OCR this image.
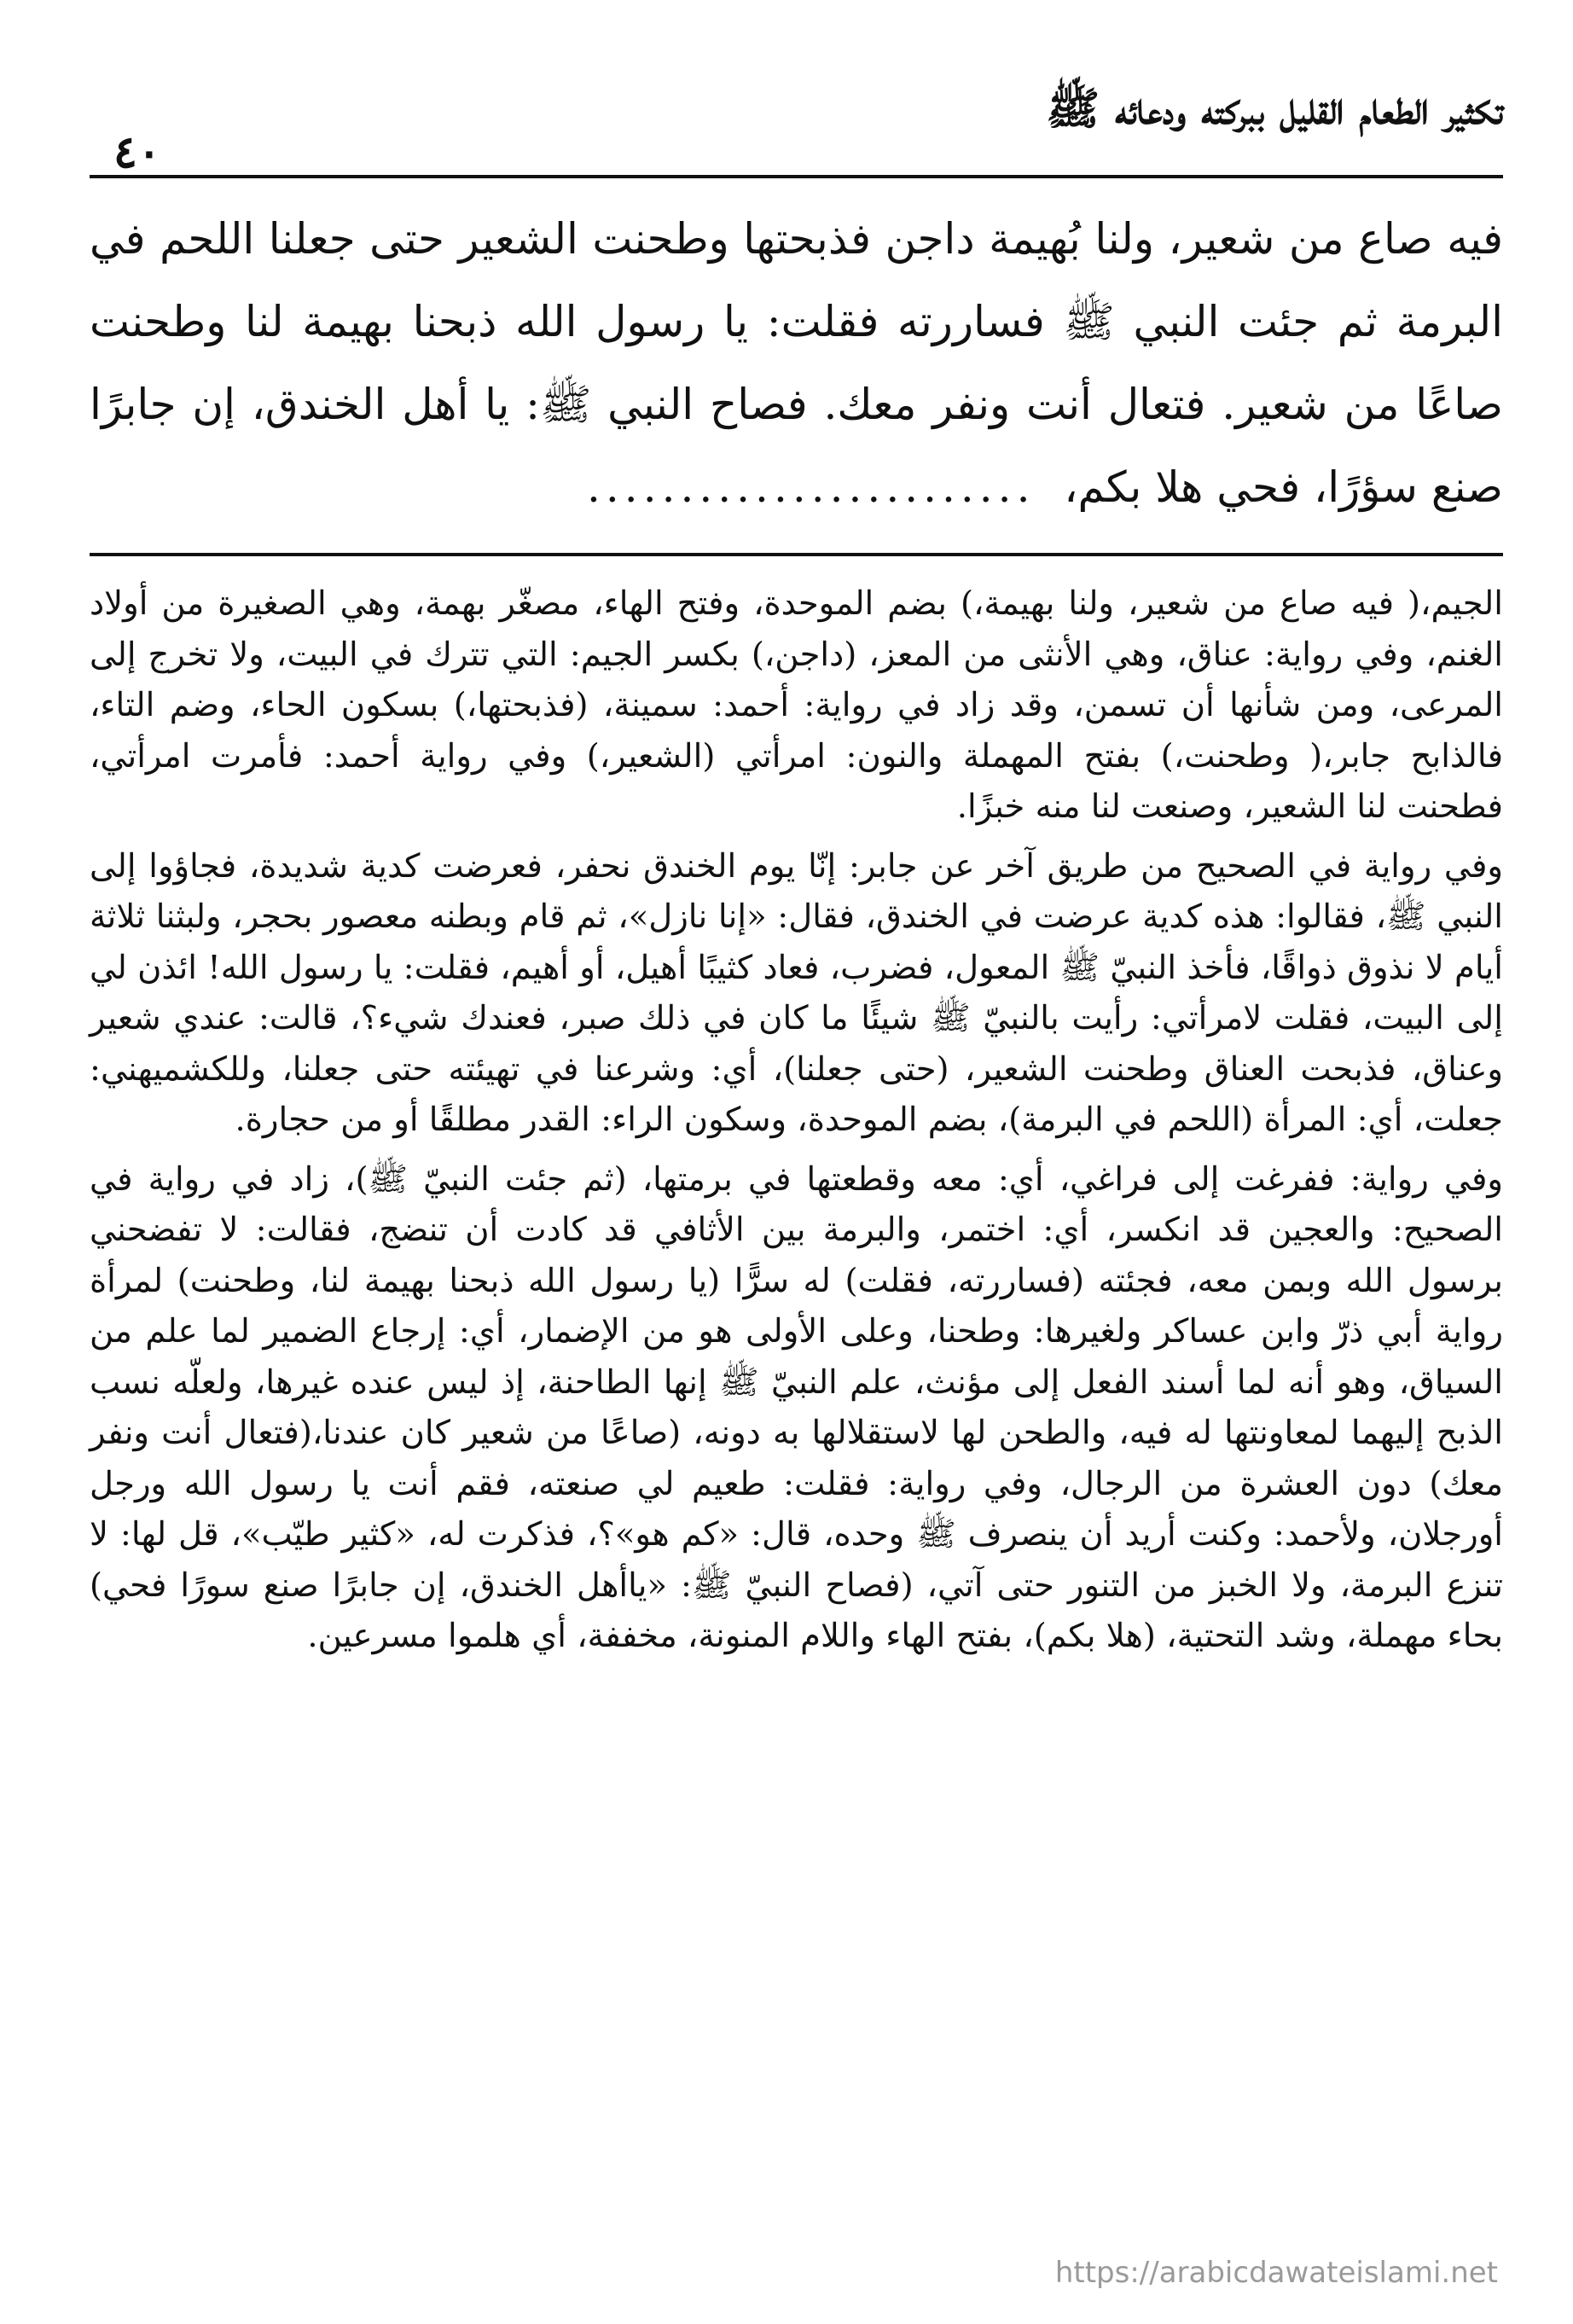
تكثير الطعام القليل ببركته ودعائه ﷺ
٤٠
فيه صاع من شعير، ولنا بُهيمة داجن فذبحتها وطحنت الشعير حتى جعلنا اللحم في البرمة ثم جئت النبي ﷺ فساررته فقلت: يا رسول الله ذبحنا بهيمة لنا وطحنت صاعًا من شعير. فتعال أنت ونفر معك. فصاح النبي ﷺ: يا أهل الخندق، إن جابرًا صنع سؤرًا، فحي هلا بكم، ........................

الجيم،( فيه صاع من شعير، ولنا بهيمة،) بضم الموحدة، وفتح الهاء، مصغّر بهمة، وهي الصغيرة من أولاد الغنم، وفي رواية: عناق، وهي الأنثى من المعز، (داجن،) بكسر الجيم: التي تترك في البيت، ولا تخرج إلى المرعى، ومن شأنها أن تسمن، وقد زاد في رواية: أحمد: سمينة، (فذبحتها،) بسكون الحاء، وضم التاء، فالذابح جابر،( وطحنت،) بفتح المهملة والنون: امرأتي (الشعير،) وفي رواية أحمد: فأمرت امرأتي، فطحنت لنا الشعير، وصنعت لنا منه خبزًا.

وفي رواية في الصحيح من طريق آخر عن جابر: إنّا يوم الخندق نحفر، فعرضت كدية شديدة، فجاؤوا إلى النبي ﷺ، فقالوا: هذه كدية عرضت في الخندق، فقال: «إنا نازل»، ثم قام وبطنه معصور بحجر، ولبثنا ثلاثة أيام لا نذوق ذواقًا، فأخذ النبيّ ﷺ المعول، فضرب، فعاد كثيبًا أهيل، أو أهيم، فقلت: يا رسول الله! ائذن لي إلى البيت، فقلت لامرأتي: رأيت بالنبيّ ﷺ شيئًا ما كان في ذلك صبر، فعندك شيء؟، قالت: عندي شعير وعناق، فذبحت العناق وطحنت الشعير، (حتى جعلنا)، أي: وشرعنا في تهيئته حتى جعلنا، وللكشميهني: جعلت، أي: المرأة (اللحم في البرمة)، بضم الموحدة، وسكون الراء: القدر مطلقًا أو من حجارة.

وفي رواية: ففرغت إلى فراغي، أي: معه وقطعتها في برمتها، (ثم جئت النبيّ ﷺ)، زاد في رواية في الصحيح: والعجين قد انكسر، أي: اختمر، والبرمة بين الأثافي قد كادت أن تنضج، فقالت: لا تفضحني برسول الله وبمن معه، فجئته (فساررته، فقلت) له سرًّا (يا رسول الله ذبحنا بهيمة لنا، وطحنت) لمرأة رواية أبي ذرّ وابن عساكر ولغيرها: وطحنا، وعلى الأولى هو من الإضمار، أي: إرجاع الضمير لما علم من السياق، وهو أنه لما أسند الفعل إلى مؤنث، علم النبيّ ﷺ إنها الطاحنة، إذ ليس عنده غيرها، ولعلّه نسب الذبح إليهما لمعاونتها له فيه، والطحن لها لاستقلالها به دونه، (صاعًا من شعير كان عندنا،(فتعال أنت ونفر معك) دون العشرة من الرجال، وفي رواية: فقلت: طعيم لي صنعته، فقم أنت يا رسول الله ورجل أورجلان، ولأحمد: وكنت أريد أن ينصرف ﷺ وحده، قال: «كم هو»؟، فذكرت له، «كثير طيّب»، قل لها: لا تنزع البرمة، ولا الخبز من التنور حتى آتي، (فصاح النبيّ ﷺ: «ياأهل الخندق، إن جابرًا صنع سورًا فحي) بحاء مهملة، وشد التحتية، (هلا بكم)، بفتح الهاء واللام المنونة، مخففة، أي هلموا مسرعين.

https://arabicdawateislami.net
